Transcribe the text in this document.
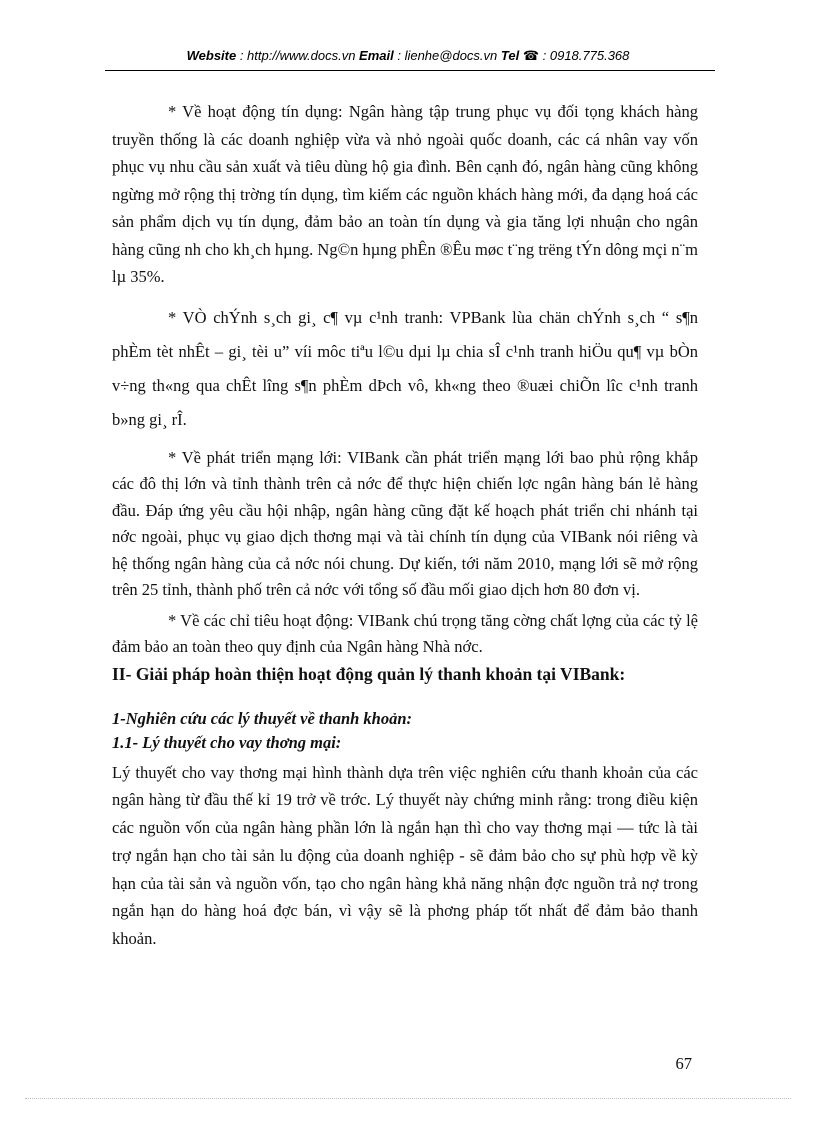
Website : http://www.docs.vn Email : lienhe@docs.vn Tel ☎ : 0918.775.368

* Về hoạt động tín dụng: Ngân hàng tập trung phục vụ đối tọng khách hàng truyền thống là các doanh nghiệp vừa và nhỏ ngoài quốc doanh, các cá nhân vay vốn phục vụ nhu cầu sản xuất và tiêu dùng hộ gia đình. Bên cạnh đó, ngân hàng cũng không ngừng mở rộng thị trờng tín dụng, tìm kiếm các nguồn khách hàng mới, đa dạng hoá các sản phẩm dịch vụ tín dụng, đảm bảo an toàn tín dụng và gia tăng lợi nhuận cho ngân hàng cũng nh cho kh¸ch hµng. Ng©n hµng phÊn ®Êu møc t¨ng trëng tÝn dông mçi n¨m lµ 35%.

* VÒ chÝnh s¸ch gi¸ c¶ vµ c¹nh tranh: VPBank lùa chän chÝnh s¸ch “ s¶n phÈm tèt nhÊt – gi¸ tèi u” víi môc tiªu l©u dµi lµ chia sÎ c¹nh tranh hiÖu qu¶ vµ bÒn v÷ng th«ng qua chÊt lîng s¶n phÈm dÞch vô, kh«ng theo ®uæi chiÕn lîc c¹nh tranh b»ng gi¸ rÎ.

* Về phát triển mạng lới: VIBank cần phát triển mạng lới bao phủ rộng khắp các đô thị lớn và tỉnh thành trên cả nớc để thực hiện chiến lợc ngân hàng bán lẻ hàng đầu. Đáp ứng yêu cầu hội nhập, ngân hàng cũng đặt kế hoạch phát triển chi nhánh tại nớc ngoài, phục vụ giao dịch thơng mại và tài chính tín dụng của VIBank nói riêng và hệ thống ngân hàng của cả nớc nói chung. Dự kiến, tới năm 2010, mạng lới sẽ mở rộng trên 25 tỉnh, thành phố trên cả nớc với tổng số đầu mối giao dịch hơn 80 đơn vị.

* Về các chỉ tiêu hoạt động: VIBank chú trọng tăng cờng chất lợng của các tỷ lệ đảm bảo an toàn theo quy định của Ngân hàng Nhà nớc.

II- Giải pháp hoàn thiện hoạt động quản lý thanh khoản tại VIBank:

1-Nghiên cứu các lý thuyết về thanh khoản:

1.1- Lý thuyết cho vay thơng mại:

Lý thuyết cho vay thơng mại hình thành dựa trên việc nghiên cứu thanh khoản của các ngân hàng từ đầu thế kỉ 19 trở về trớc. Lý thuyết này chứng minh rằng: trong điều kiện các nguồn vốn của ngân hàng phần lớn là ngắn hạn thì cho vay thơng mại — tức là tài trợ ngắn hạn cho tài sản lu động của doanh nghiệp - sẽ đảm bảo cho sự phù hợp về kỳ hạn của tài sản và nguồn vốn, tạo cho ngân hàng khả năng nhận đợc nguồn trả nợ trong ngắn hạn do hàng hoá đợc bán, vì vậy sẽ là phơng pháp tốt nhất để đảm bảo thanh khoản.

67
